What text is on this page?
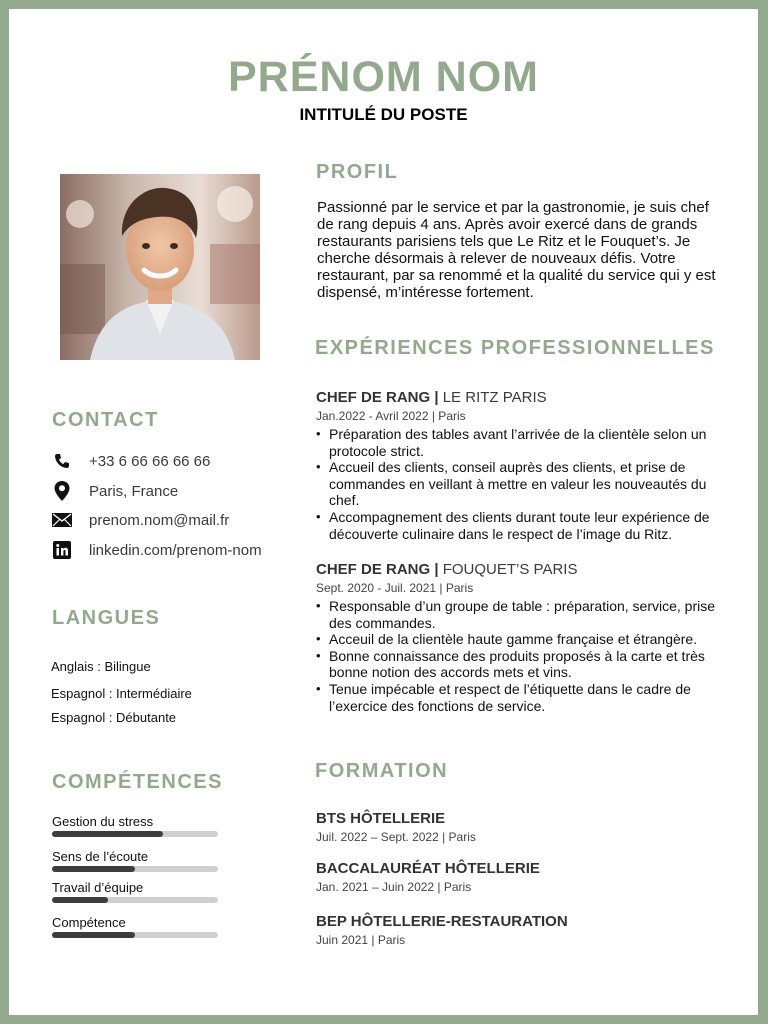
PRÉNOM NOM
INTITULÉ DU POSTE
CONTACT
+33 6 66 66 66 66
Paris, France
prenom.nom@mail.fr
linkedin.com/prenom-nom
LANGUES
Anglais : Bilingue
Espagnol : Intermédiaire
Espagnol : Débutante
COMPÉTENCES
Gestion du stress
Sens de l’écoute
Travail d’équipe
Compétence
PROFIL
Passionné par le service et par la gastronomie, je suis chef de rang depuis 4 ans. Après avoir exercé dans de grands restaurants parisiens tels que Le Ritz et le Fouquet’s. Je cherche désormais à relever de nouveaux défis. Votre restaurant, par sa renommé et la qualité du service qui y est dispensé, m’intéresse fortement.
EXPÉRIENCES PROFESSIONNELLES
CHEF DE RANG | LE RITZ PARIS
Jan.2022 - Avril 2022 | Paris
• Préparation des tables avant l’arrivée de la clientèle selon un protocole strict.
• Accueil des clients, conseil auprès des clients, et prise de commandes en veillant à mettre en valeur les nouveautés du chef.
• Accompagnement des clients durant toute leur expérience de découverte culinaire dans le respect de l’image du Ritz.
CHEF DE RANG | FOUQUET’S PARIS
Sept. 2020 - Juil. 2021 | Paris
• Responsable d’un groupe de table : préparation, service, prise des commandes.
• Acceuil de la clientèle haute gamme française et étrangère.
• Bonne connaissance des produits proposés à la carte et très bonne notion des accords mets et vins.
• Tenue impécable et respect de l’étiquette dans le cadre de l’exercice des fonctions de service.
FORMATION
BTS HÔTELLERIE
Juil. 2022 – Sept. 2022 | Paris
BACCALAURÉAT HÔTELLERIE
Jan. 2021 – Juin 2022 | Paris
BEP HÔTELLERIE-RESTAURATION
Juin 2021 | Paris
